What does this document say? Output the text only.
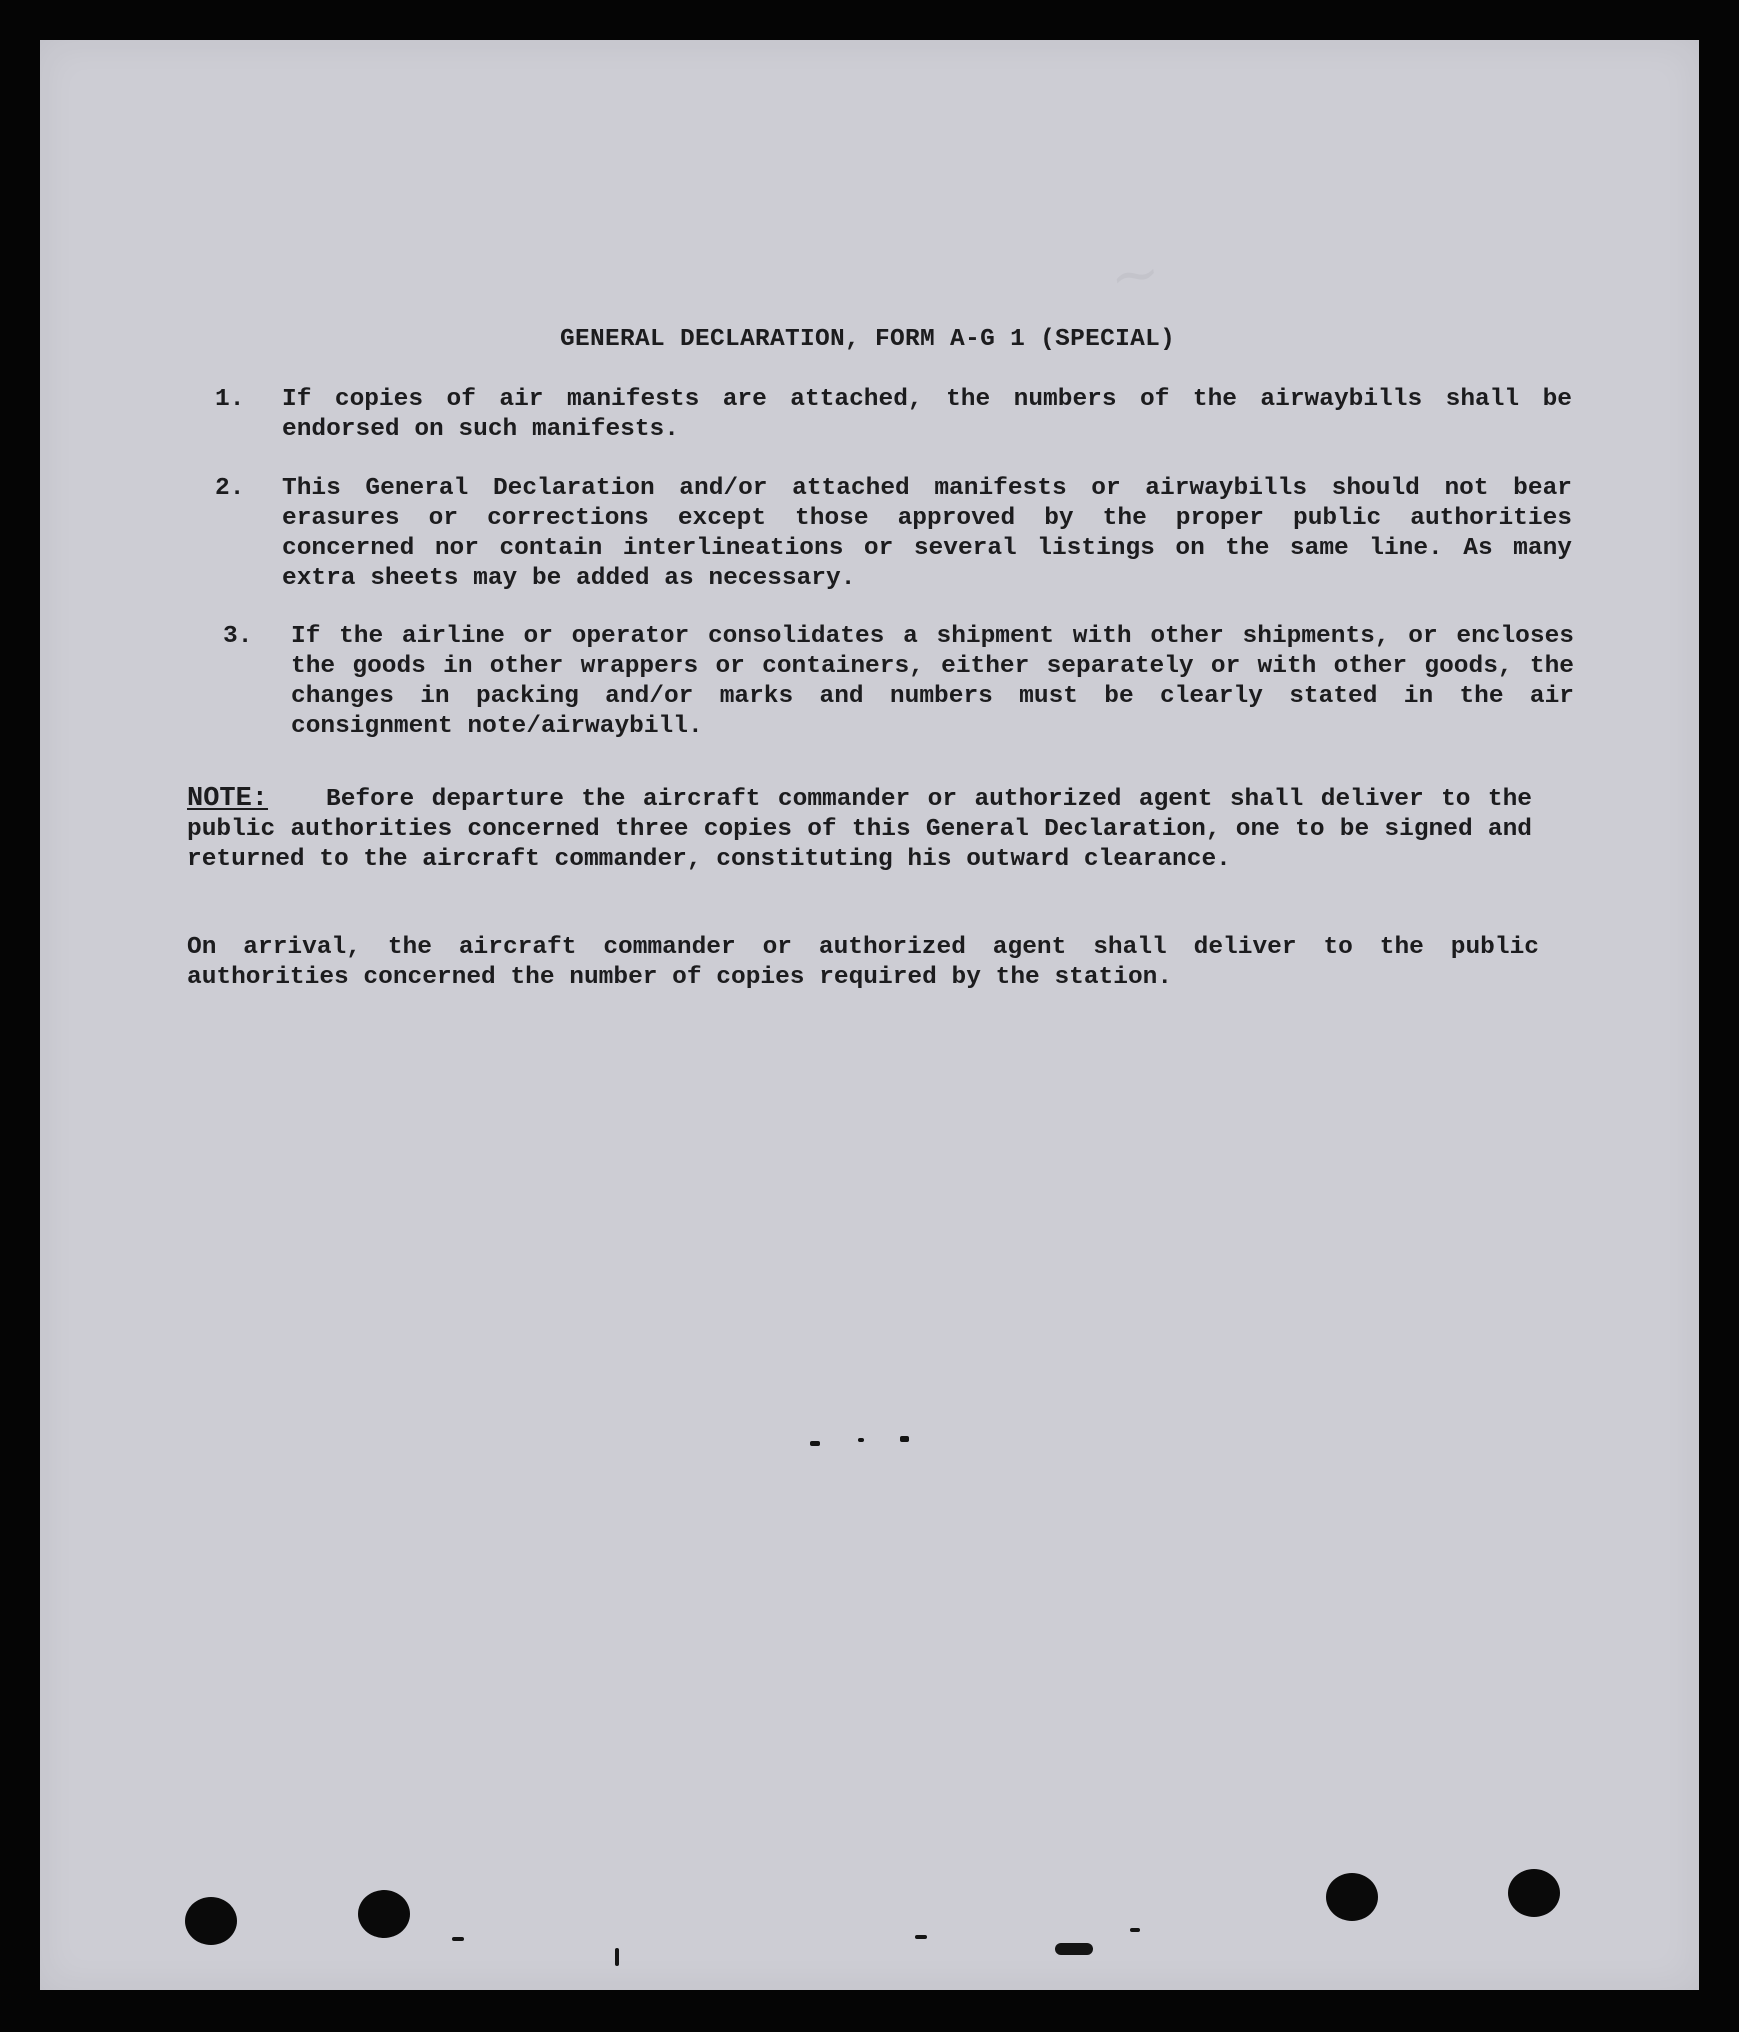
~
GENERAL DECLARATION, FORM A-G 1 (SPECIAL)
1. If copies of air manifests are attached, the numbers of the airwaybills shall be endorsed on such manifests.
2. This General Declaration and/or attached manifests or airwaybills should not bear erasures or corrections except those approved by the proper public authorities concerned nor contain interlineations or several listings on the same line. As many extra sheets may be added as necessary.
3. If the airline or operator consolidates a shipment with other shipments, or encloses the goods in other wrappers or containers, either separately or with other goods, the changes in packing and/or marks and numbers must be clearly stated in the air consignment note/airwaybill.
NOTE: Before departure the aircraft commander or authorized agent shall deliver to the public authorities concerned three copies of this General Declaration, one to be signed and returned to the aircraft commander, constituting his outward clearance.
On arrival, the aircraft commander or authorized agent shall deliver to the public authorities concerned the number of copies required by the station.
